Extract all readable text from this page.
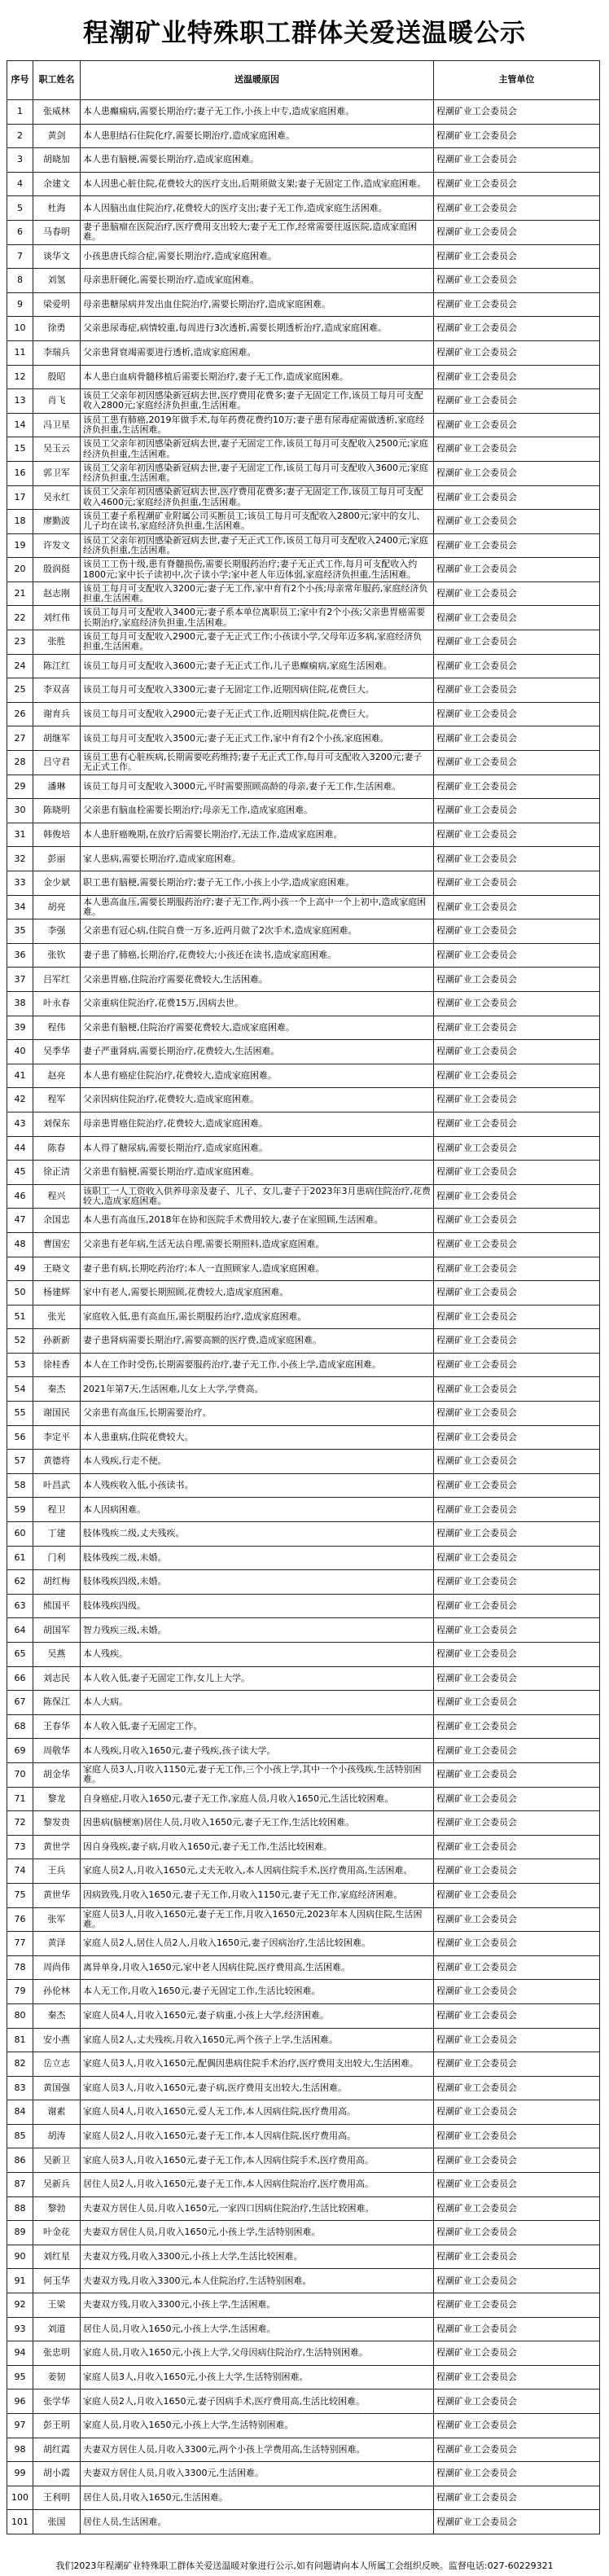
程潮矿业特殊职工群体关爱送温暖公示
序号	职工姓名	送温暖原因	主管单位
1	张威林	本人患癫痫病,需要长期治疗;妻子无工作,小孩上中专,造成家庭困难。	程潮矿业工会委员会
2	黄剑	本人患胆结石住院化疗,需要长期治疗,造成家庭困难。	程潮矿业工会委员会
3	胡晓加	本人患有脑梗,需要长期治疗,造成家庭困难。	程潮矿业工会委员会
4	余建文	本人因患心脏住院,花费较大的医疗支出,后期须做支架;妻子无固定工作,造成家庭困难。	程潮矿业工会委员会
5	杜海	本人因脑出血住院治疗,花费较大的医疗支出;妻子无工作,造成家庭生活困难。	程潮矿业工会委员会
6	马春明	妻子患脑瘤在医院治疗,医疗费用支出较大;妻子无工作,经常需要往返医院,造成家庭困难。	程潮矿业工会委员会
7	谈华文	小孩患唐氏综合症,需要长期治疗,造成家庭困难。	程潮矿业工会委员会
8	刘氢	母亲患肝硬化,需要长期治疗,造成家庭困难。	程潮矿业工会委员会
9	梁爱明	母亲患糖尿病并发出血住院治疗,需要长期治疗,造成家庭困难。	程潮矿业工会委员会
10	徐勇	父亲患尿毒症,病情较重,每周进行3次透析,需要长期透析治疗,造成家庭困难。	程潮矿业工会委员会
11	李瑞兵	父亲患肾衰竭需要进行透析,造成家庭困难。	程潮矿业工会委员会
12	殷昭	本人患白血病骨髓移植后需要长期治疗,妻子无工作,造成家庭困难。	程潮矿业工会委员会
13	肖飞	该员工父亲年初因感染新冠病去世,医疗费用花费多;妻子无固定工作,该员工每月可支配收入2800元;家庭经济负担重,生活困难。	程潮矿业工会委员会
14	冯卫星	该员工患有肺癌,2019年做手术,每年药费花费约10万;妻子患有尿毒症需做透析,家庭经济负担重,生活困难。	程潮矿业工会委员会
15	吴玉云	该员工父亲年初因感染新冠病去世,妻子无固定工作,该员工每月可支配收入2500元;家庭经济负担重,生活困难。	程潮矿业工会委员会
16	郭卫军	该员工父亲年初因感染新冠病去世,妻子无固定工作,该员工每月可支配收入3600元;家庭经济负担重,生活困难。	程潮矿业工会委员会
17	吴永红	该员工父亲年初因感染新冠病去世,医疗费用花费多;妻子无固定工作,该员工每月可支配收入4600元;家庭经济负担重,生活困难。	程潮矿业工会委员会
18	廖勤波	该员工妻子系程潮矿业附属公司买断员工;该员工每月可支配收入2800元;家中的女儿、儿子均在读书,家庭经济负担重,生活困难。	程潮矿业工会委员会
19	许发文	该员工父亲年初因感染新冠病去世,妻子无正式工作,该员工每月可支配收入2400元;家庭经济负担重,生活困难。	程潮矿业工会委员会
20	殷润挺	该员工工伤十级,患有脊髓损伤,需要长期服药治疗;妻子无正式工作,每月可支配收入约1800元;家中长子读初中,次子读小学;家中老人年迈体弱,家庭经济负担重,生活困难。	程潮矿业工会委员会
21	赵志刚	该员工每月可支配收入3200元;妻子无工作,家中育有2个小孩;母亲常年服药,家庭经济负担重,生活困难。	程潮矿业工会委员会
22	刘红伟	该员工每月可支配收入3400元;妻子系本单位离职员工;家中有2个小孩;父亲患胃癌需要长期治疗,家庭经济负担重,生活困难。	程潮矿业工会委员会
23	张胜	该员工每月可支配收入2900元,妻子无正式工作;小孩读小学,父母年迈多病,家庭经济负担重,生活困难。	程潮矿业工会委员会
24	陈江红	该员工每月可支配收入3600元;妻子无正式工作,儿子患癫痫病,家庭生活困难。	程潮矿业工会委员会
25	李双喜	该员工每月可支配收入3300元;妻子无固定工作,近期因病住院,花费巨大。	程潮矿业工会委员会
26	谢育兵	该员工每月可支配收入2900元;妻子无正式工作,近期因病住院,花费巨大。	程潮矿业工会委员会
27	胡继军	该员工每月可支配收入3500元;妻子无正式工作,家中育有2个小孩,家庭困难。	程潮矿业工会委员会
28	吕守君	该员工患有心脏疾病,长期需要吃药维持;妻子无正式工作,每月可支配收入3200元;妻子无正式工作。	程潮矿业工会委员会
29	潘琳	该员工每月可支配收入3000元,平时需要照顾高龄的母亲,妻子无工作,生活困难。	程潮矿业工会委员会
30	陈晓明	父亲患有脑血栓需要长期治疗;母亲无工作,造成家庭困难。	程潮矿业工会委员会
31	韩俊培	本人患肝癌晚期,在放疗后需要长期治疗,无法工作,造成家庭困难。	程潮矿业工会委员会
32	彭丽	家人患病,需要长期治疗,造成家庭困难。	程潮矿业工会委员会
33	金少斌	职工患有脑梗,需要长期治疗;妻子无工作,小孩上小学,造成家庭困难。	程潮矿业工会委员会
34	胡亮	本人患高血压,需要长期服药治疗;妻子无工作,两小孩一个上高中一个上初中,造成家庭困难。	程潮矿业工会委员会
35	李强	父亲患有冠心病,住院自费一万多,近两月做了2次手术,造成家庭困难。	程潮矿业工会委员会
36	张钦	妻子患了肺癌,长期治疗,花费较大;小孩还在读书,造成家庭困难。	程潮矿业工会委员会
37	吕军红	父亲患胃癌,住院治疗需要花费较大,生活困难。	程潮矿业工会委员会
38	叶永春	父亲重病住院治疗,花费15万,因病去世。	程潮矿业工会委员会
39	程伟	父亲患有脑梗,住院治疗需要花费较大,造成家庭困难。	程潮矿业工会委员会
40	吴季华	妻子严重肾病,需要长期治疗,花费较大,生活困难。	程潮矿业工会委员会
41	赵亮	本人患有癌症住院治疗,花费较大,造成家庭困难。	程潮矿业工会委员会
42	程军	父亲因病住院治疗,花费较大,造成家庭困难。	程潮矿业工会委员会
43	刘保东	母亲患胃癌住院治疗,花费较大,造成家庭困难。	程潮矿业工会委员会
44	陈春	本人得了糖尿病,需要长期治疗,造成家庭困难。	程潮矿业工会委员会
45	徐正清	父亲患有脑梗,需要长期治疗,造成家庭困难。	程潮矿业工会委员会
46	程兴	该职工一人工资收入供养母亲及妻子、儿子、女儿,妻子于2023年3月患病住院治疗,花费较大,造成家庭困难。	程潮矿业工会委员会
47	余国忠	本人患有高血压,2018年在协和医院手术费用较大,妻子在家照顾,生活困难。	程潮矿业工会委员会
48	曹国宏	父亲患有老年病,生活无法自理,需要长期照料,造成家庭困难。	程潮矿业工会委员会
49	王晓文	妻子患有病,长期吃药治疗;本人一直照顾家人,造成家庭困难。	程潮矿业工会委员会
50	杨建辉	家中有老人,需要长期照顾,花费较大,造成家庭困难。	程潮矿业工会委员会
51	张光	家庭收入低,患有高血压,需长期服药治疗,造成家庭困难。	程潮矿业工会委员会
52	孙新新	妻子患肾病需要长期治疗,需要高额的医疗费,造成家庭困难。	程潮矿业工会委员会
53	徐桂香	本人在工作时受伤,长期需要服药治疗,妻子无工作,小孩上学,造成家庭困难。	程潮矿业工会委员会
54	秦杰	2021年第7天,生活困难,儿女上大学,学费高。	程潮矿业工会委员会
55	谢国民	父亲患有高血压,长期需要治疗。	程潮矿业工会委员会
56	李定平	本人患重病,住院花费较大。	程潮矿业工会委员会
57	黄德将	本人残疾,行走不便。	程潮矿业工会委员会
58	叶昌武	本人残疾收入低,小孩读书。	程潮矿业工会委员会
59	程卫	本人因病困难。	程潮矿业工会委员会
60	丁建	肢体残疾二级,丈夫残疾。	程潮矿业工会委员会
61	门利	肢体残疾二级,未婚。	程潮矿业工会委员会
62	胡红梅	肢体残疾四级,未婚。	程潮矿业工会委员会
63	熊国平	肢体残疾四级。	程潮矿业工会委员会
64	胡国军	智力残疾三级,未婚。	程潮矿业工会委员会
65	吴燕	本人残疾。	程潮矿业工会委员会
66	刘志民	本人收入低,妻子无固定工作,女儿上大学。	程潮矿业工会委员会
67	陈保江	本人大病。	程潮矿业工会委员会
68	王春华	本人收入低,妻子无固定工作。	程潮矿业工会委员会
69	周敬华	本人残疾,月收入1650元,妻子残疾,孩子读大学。	程潮矿业工会委员会
70	胡金华	家庭人员3人,月收入1150元,妻子无工作,三个小孩上学,其中一个小孩残疾,生活特别困难。	程潮矿业工会委员会
71	黎龙	自身癌症,月收入1650元,妻子无工作,家庭人员,月收入1650元,生活比较困难。	程潮矿业工会委员会
72	黎发贵	因患病(脑梗塞)居住人员,月收入1650元,妻子无工作,生活比较困难。	程潮矿业工会委员会
73	黄世学	因自身残疾,妻子病,月收入1650元,妻子无工作,生活比较困难。	程潮矿业工会委员会
74	王兵	家庭人员2人,月收入1650元,丈夫无收入,本人因病住院手术,医疗费用高,生活困难。	程潮矿业工会委员会
75	黄世华	因病致残,月收入1650元,妻子无工作,月收入1150元,妻子无工作,家庭经济困难。	程潮矿业工会委员会
76	张军	家庭人员3人,月收入1650元,妻子无工作,月收入1650元,2023年本人因病住院,生活困难。	程潮矿业工会委员会
77	黄泽	家庭人员2人,居住人员2人,月收入1650元,妻子因病治疗,生活比较困难。	程潮矿业工会委员会
78	周尚伟	离异单身,月收入1650元,家中老人因病住院,医疗费用高,生活困难。	程潮矿业工会委员会
79	孙伦林	本人无工作,月收入1650元,妻子无固定工作,生活比较困难。	程潮矿业工会委员会
80	秦杰	家庭人员4人,月收入1650元,妻子病重,小孩上大学,经济困难。	程潮矿业工会委员会
81	安小燕	家庭人员2人,丈夫残疾,月收入1650元,两个孩子上学,生活困难。	程潮矿业工会委员会
82	岳立志	家庭人员3人,月收入1650元,配偶因患病住院手术治疗,医疗费用支出较大,生活困难。	程潮矿业工会委员会
83	黄国强	家庭人员3人,月收入1650元,妻子病,医疗费用支出较大,生活困难。	程潮矿业工会委员会
84	谢素	家庭人员4人,月收入1650元,爱人无工作,本人因病住院,医疗费用高。	程潮矿业工会委员会
85	胡涛	家庭人员2人,月收入1650元,妻子无工作,本人因病住院,医疗费用高。	程潮矿业工会委员会
86	吴新卫	家庭人员3人,月收入1650元,妻子无工作,本人因病住院手术,医疗费用高。	程潮矿业工会委员会
87	吴新兵	居住人员2人,月收入1650元,妻子无工作,本人因病住院治疗,医疗费用高。	程潮矿业工会委员会
88	黎勃	夫妻双方居住人员,月收入1650元,一家四口因病住院治疗,生活比较困难。	程潮矿业工会委员会
89	叶金花	夫妻双方居住人员,月收入1650元,小孩上学,生活特别困难。	程潮矿业工会委员会
90	刘红星	夫妻双方残,月收入3300元,小孩上大学,生活比较困难。	程潮矿业工会委员会
91	何玉华	夫妻双方残,月收入3300元,本人住院治疗,生活特别困难。	程潮矿业工会委员会
92	王梁	夫妻双方残,月收入3300元,小孩上学,生活困难。	程潮矿业工会委员会
93	刘道	居住人员,月收入1650元,小孩上大学,生活困难。	程潮矿业工会委员会
94	张忠明	家庭人员,月收入1650元,小孩上大学,父母因病住院治疗,生活特别困难。	程潮矿业工会委员会
95	姜韧	家庭人员3人,月收入1650元,小孩上大学,生活特别困难。	程潮矿业工会委员会
96	张学华	家庭人员2人,月收入1650元,妻子因病手术,医疗费用高,生活比较困难。	程潮矿业工会委员会
97	彭王明	家庭人员,月收入1650元,小孩上大学,生活特别困难。	程潮矿业工会委员会
98	胡红霞	夫妻双方居住人员,月收入3300元,两个小孩上学费用高,生活特别困难。	程潮矿业工会委员会
99	胡小霞	夫妻双方居住人员,月收入3300元,生活困难。	程潮矿业工会委员会
100	王利明	居住人员,月收入1650元,生活困难。	程潮矿业工会委员会
101	张国	居住人员,生活困难。	程潮矿业工会委员会
我们2023年程潮矿业特殊职工群体关爱送温暖对象进行公示,如有问题请向本人所属工会组织反映。监督电话:027-60229321
